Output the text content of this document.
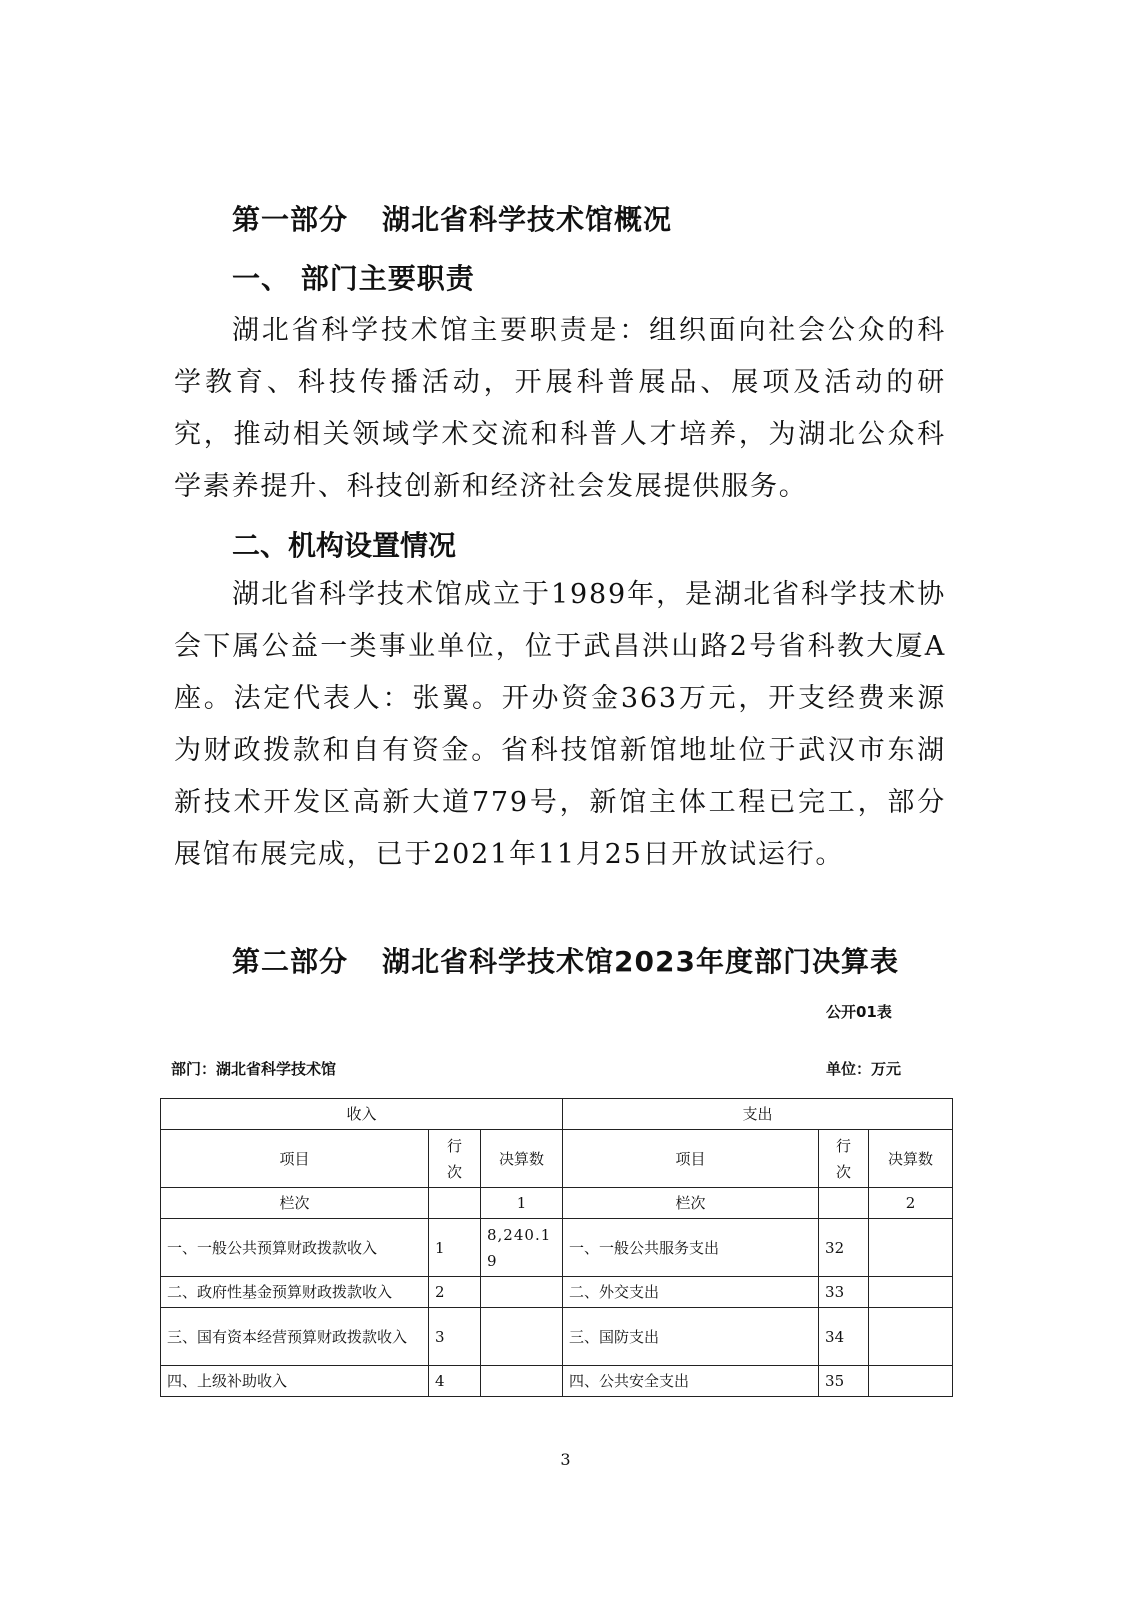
第一部分 湖北省科学技术馆概况
一、 部门主要职责
湖北省科学技术馆主要职责是：组织面向社会公众的科学教育、科技传播活动，开展科普展品、展项及活动的研究，推动相关领域学术交流和科普人才培养，为湖北公众科学素养提升、科技创新和经济社会发展提供服务。
二、机构设置情况
湖北省科学技术馆成立于1989年，是湖北省科学技术协会下属公益一类事业单位，位于武昌洪山路2号省科教大厦A座。法定代表人：张翼。开办资金363万元，开支经费来源为财政拨款和自有资金。省科技馆新馆地址位于武汉市东湖新技术开发区高新大道779号，新馆主体工程已完工，部分展馆布展完成，已于2021年11月25日开放试运行。
第二部分 湖北省科学技术馆2023年度部门决算表
公开01表
部门：湖北省科学技术馆	单位：万元
收入			支出		
项目	行次	决算数	项目	行次	决算数
栏次		1	栏次		2
一、一般公共预算财政拨款收入	1	8,240.19	一、一般公共服务支出	32	
二、政府性基金预算财政拨款收入	2		二、外交支出	33	
三、国有资本经营预算财政拨款收入	3		三、国防支出	34	
四、上级补助收入	4		四、公共安全支出	35	
3
